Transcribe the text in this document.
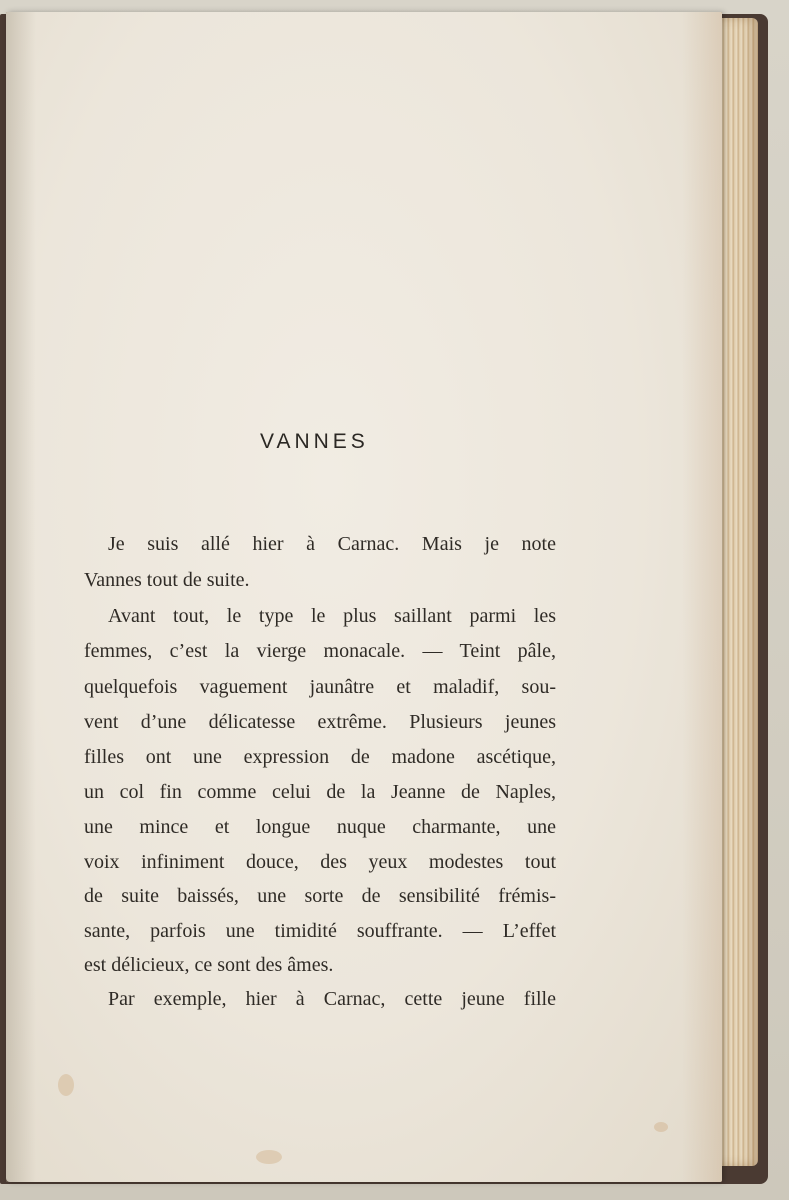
VANNES
Je suis allé hier à Carnac. Mais je note
Vannes tout de suite.
Avant tout, le type le plus saillant parmi les
femmes, c’est la vierge monacale. — Teint pâle,
quelquefois vaguement jaunâtre et maladif, sou-
vent d’une délicatesse extrême. Plusieurs jeunes
filles ont une expression de madone ascétique,
un col fin comme celui de la Jeanne de Naples,
une mince et longue nuque charmante, une
voix infiniment douce, des yeux modestes tout
de suite baissés, une sorte de sensibilité frémis-
sante, parfois une timidité souffrante. — L’effet
est délicieux, ce sont des âmes.
Par exemple, hier à Carnac, cette jeune fille
